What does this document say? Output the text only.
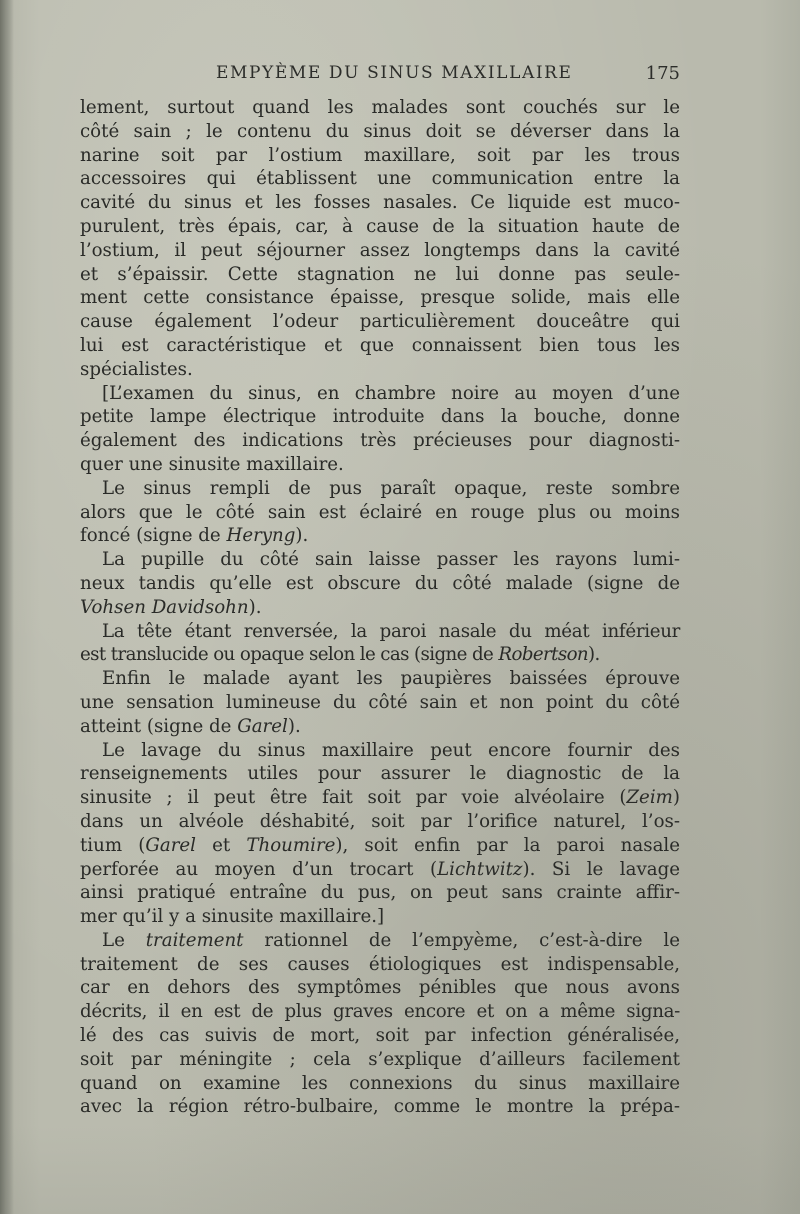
EMPYÈME DU SINUS MAXILLAIRE	175
lement, surtout quand les malades sont couchés sur le
côté sain ; le contenu du sinus doit se déverser dans la
narine soit par l’ostium maxillare, soit par les trous
accessoires qui établissent une communication entre la
cavité du sinus et les fosses nasales. Ce liquide est muco-
purulent, très épais, car, à cause de la situation haute de
l’ostium, il peut séjourner assez longtemps dans la cavité
et s’épaissir. Cette stagnation ne lui donne pas seule-
ment cette consistance épaisse, presque solide, mais elle
cause également l’odeur particulièrement douceâtre qui
lui est caractéristique et que connaissent bien tous les
spécialistes.
[L’examen du sinus, en chambre noire au moyen d’une
petite lampe électrique introduite dans la bouche, donne
également des indications très précieuses pour diagnosti-
quer une sinusite maxillaire.
Le sinus rempli de pus paraît opaque, reste sombre
alors que le côté sain est éclairé en rouge plus ou moins
foncé (signe de Heryng).
La pupille du côté sain laisse passer les rayons lumi-
neux tandis qu’elle est obscure du côté malade (signe de
Vohsen Davidsohn).
La tête étant renversée, la paroi nasale du méat inférieur
est translucide ou opaque selon le cas (signe de Robertson).
Enfin le malade ayant les paupières baissées éprouve
une sensation lumineuse du côté sain et non point du côté
atteint (signe de Garel).
Le lavage du sinus maxillaire peut encore fournir des
renseignements utiles pour assurer le diagnostic de la
sinusite ; il peut être fait soit par voie alvéolaire (Zeim)
dans un alvéole déshabité, soit par l’orifice naturel, l’os-
tium (Garel et Thoumire), soit enfin par la paroi nasale
perforée au moyen d’un trocart (Lichtwitz). Si le lavage
ainsi pratiqué entraîne du pus, on peut sans crainte affir-
mer qu’il y a sinusite maxillaire.]
Le traitement rationnel de l’empyème, c’est-à-dire le
traitement de ses causes étiologiques est indispensable,
car en dehors des symptômes pénibles que nous avons
décrits, il en est de plus graves encore et on a même signa-
lé des cas suivis de mort, soit par infection généralisée,
soit par méningite ; cela s’explique d’ailleurs facilement
quand on examine les connexions du sinus maxillaire
avec la région rétro-bulbaire, comme le montre la prépa-
